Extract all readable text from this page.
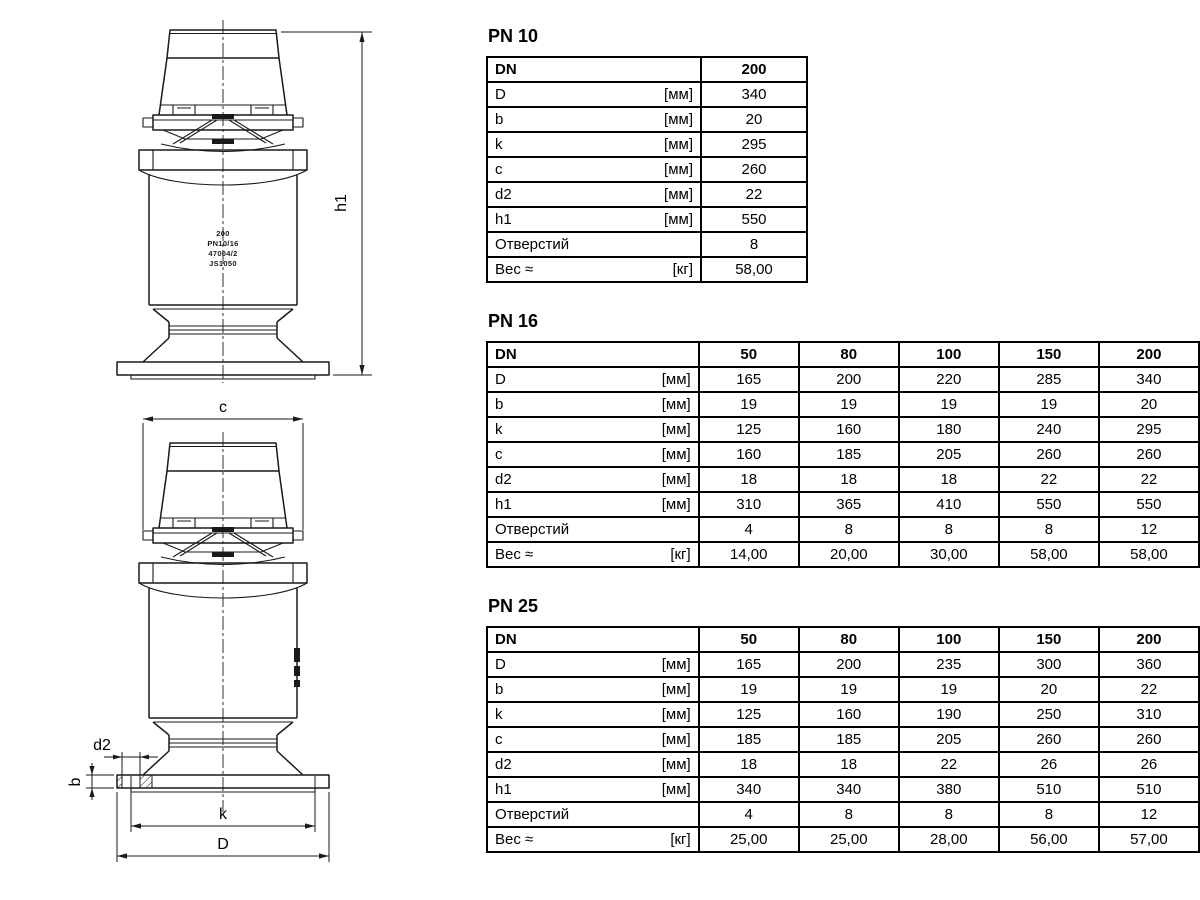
200
PN10/16
47004/2
JS1050
h1
c
d2
b
k
D
PN 10
DN	200

D [мм]	340

b [мм]	20

k [мм]	295

c [мм]	260

d2 [мм]	22

h1 [мм]	550

Отверстий	8

Вес ≈ [кг]	58,00
PN 16
DN	50	80	100	150	200

D [мм]	165	200	220	285	340

b [мм]	19	19	19	19	20

k [мм]	125	160	180	240	295

c [мм]	160	185	205	260	260

d2 [мм]	18	18	18	22	22

h1 [мм]	310	365	410	550	550

Отверстий	4	8	8	8	12

Вес ≈ [кг]	14,00	20,00	30,00	58,00	58,00
PN 25
DN	50	80	100	150	200

D [мм]	165	200	235	300	360

b [мм]	19	19	19	20	22

k [мм]	125	160	190	250	310

c [мм]	185	185	205	260	260

d2 [мм]	18	18	22	26	26

h1 [мм]	340	340	380	510	510

Отверстий	4	8	8	8	12

Вес ≈ [кг]	25,00	25,00	28,00	56,00	57,00
